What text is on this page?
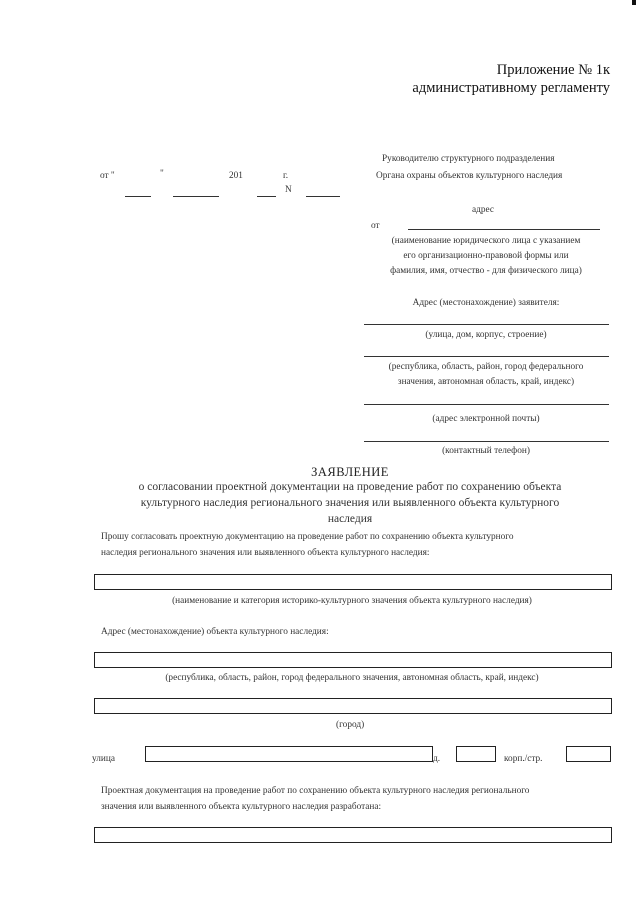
Приложение № 1к
административному регламенту
от "	"	201	г.
N
Руководителю структурного подразделения
Органа охраны объектов культурного наследия
адрес
от
(наименование юридического лица с указанием
его организационно-правовой формы или
фамилия, имя, отчество - для физического лица)
Адрес (местонахождение) заявителя:
(улица, дом, корпус, строение)
(республика, область, район, город федерального
значения, автономная область, край, индекс)
(адрес электронной почты)
(контактный телефон)
ЗАЯВЛЕНИЕ
о согласовании проектной документации на проведение работ по сохранению объекта
культурного наследия регионального значения или выявленного объекта культурного
наследия
Прошу согласовать проектную документацию на проведение работ по сохранению объекта культурного
наследия регионального значения или выявленного объекта культурного наследия:
(наименование и категория историко-культурного значения объекта культурного наследия)
Адрес (местонахождение) объекта культурного наследия:
(республика, область, район, город федерального значения, автономная область, край, индекс)
(город)
улица	д.	корп./стр.
Проектная документация на проведение работ по сохранению объекта культурного наследия регионального
значения или выявленного объекта культурного наследия разработана:
